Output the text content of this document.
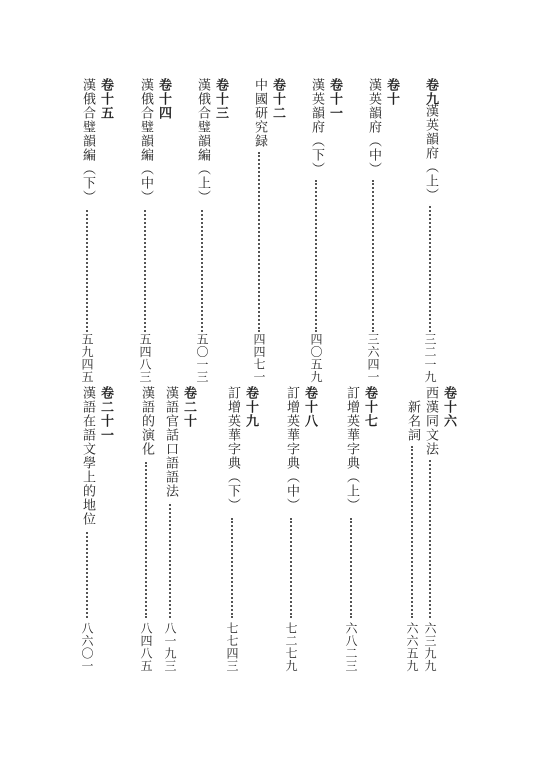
卷九
漢英韻府（上）
三二一九
卷十
漢英韻府（中）
三六四一
卷十一
漢英韻府（下）
四〇五九
卷十二
中國研究録
四四七一
卷十三
漢俄合璧韻編（上）
五〇一三
卷十四
漢俄合璧韻編（中）
五四八三
卷十五
漢俄合璧韻編（下）
五九四五
卷十六
西漢同文法
六三九九
新名詞
六六五九
卷十七
訂增英華字典（上）
六八二三
卷十八
訂增英華字典（中）
七二七九
卷十九
訂增英華字典（下）
七七四三
卷二十
漢語官話口語語法
八一九三
漢語的演化
八四八五
卷二十一
漢語在語文學上的地位
八六〇一
